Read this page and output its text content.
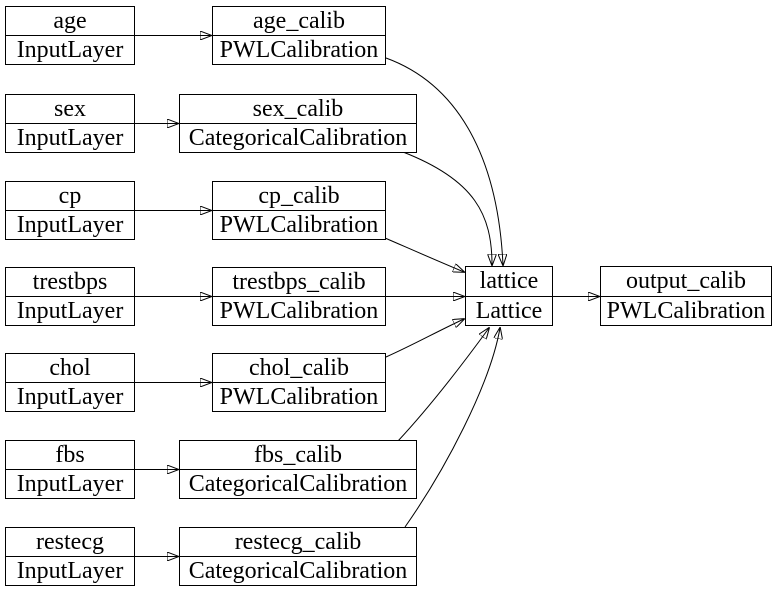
age
InputLayer
age_calib
PWLCalibration
sex
InputLayer
sex_calib
CategoricalCalibration
cp
InputLayer
cp_calib
PWLCalibration
trestbps
InputLayer
trestbps_calib
PWLCalibration
chol
InputLayer
chol_calib
PWLCalibration
fbs
InputLayer
fbs_calib
CategoricalCalibration
restecg
InputLayer
restecg_calib
CategoricalCalibration
lattice
Lattice
output_calib
PWLCalibration
